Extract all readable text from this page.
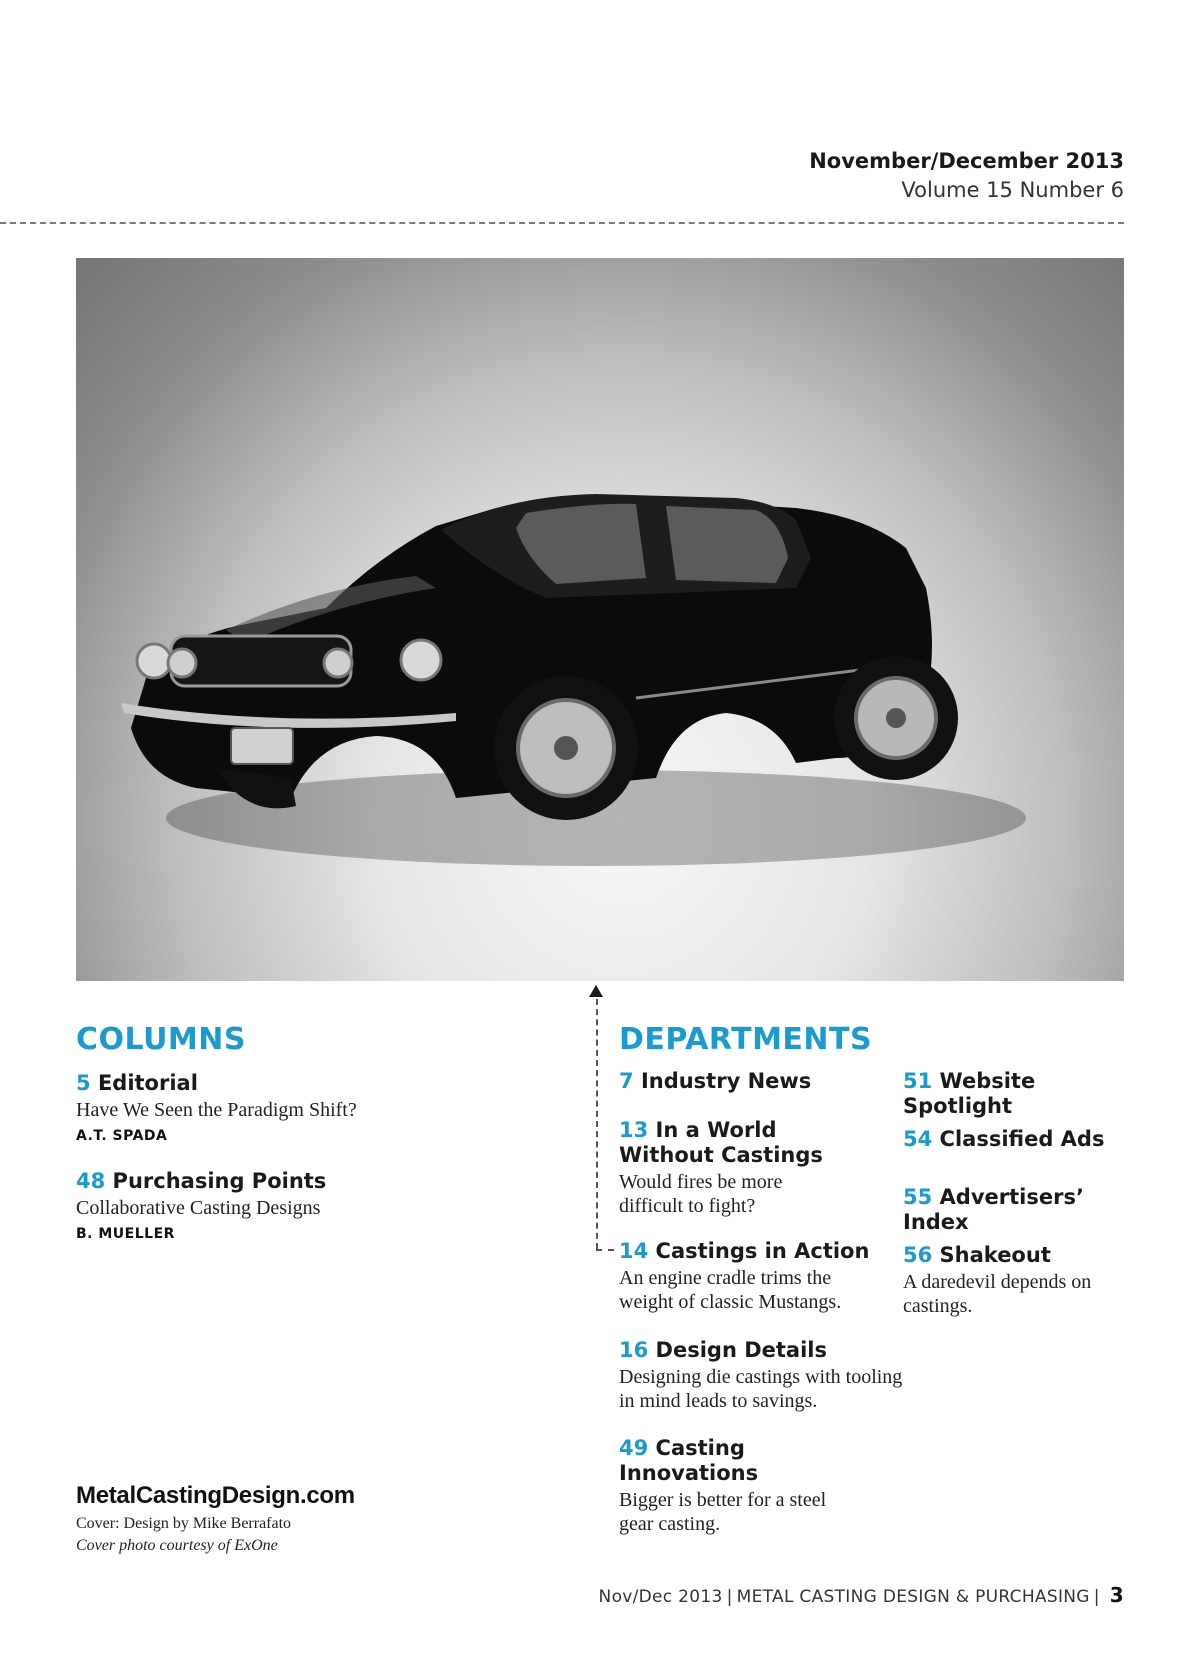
November/December 2013
Volume 15 Number 6
COLUMNS
5 Editorial
Have We Seen the Paradigm Shift?
A.T. SPADA
48 Purchasing Points
Collaborative Casting Designs
B. MUELLER
DEPARTMENTS
7 Industry News
13 In a World Without Castings
Would fires be more difficult to fight?
14 Castings in Action
An engine cradle trims the weight of classic Mustangs.
16 Design Details
Designing die castings with tooling in mind leads to savings.
49 Casting Innovations
Bigger is better for a steel gear casting.
51 Website Spotlight
54 Classified Ads
55 Advertisers’ Index
56 Shakeout
A daredevil depends on castings.
MetalCastingDesign.com
Cover: Design by Mike Berrafato
Cover photo courtesy of ExOne
Nov/Dec 2013 | METAL CASTING DESIGN & PURCHASING | 3
